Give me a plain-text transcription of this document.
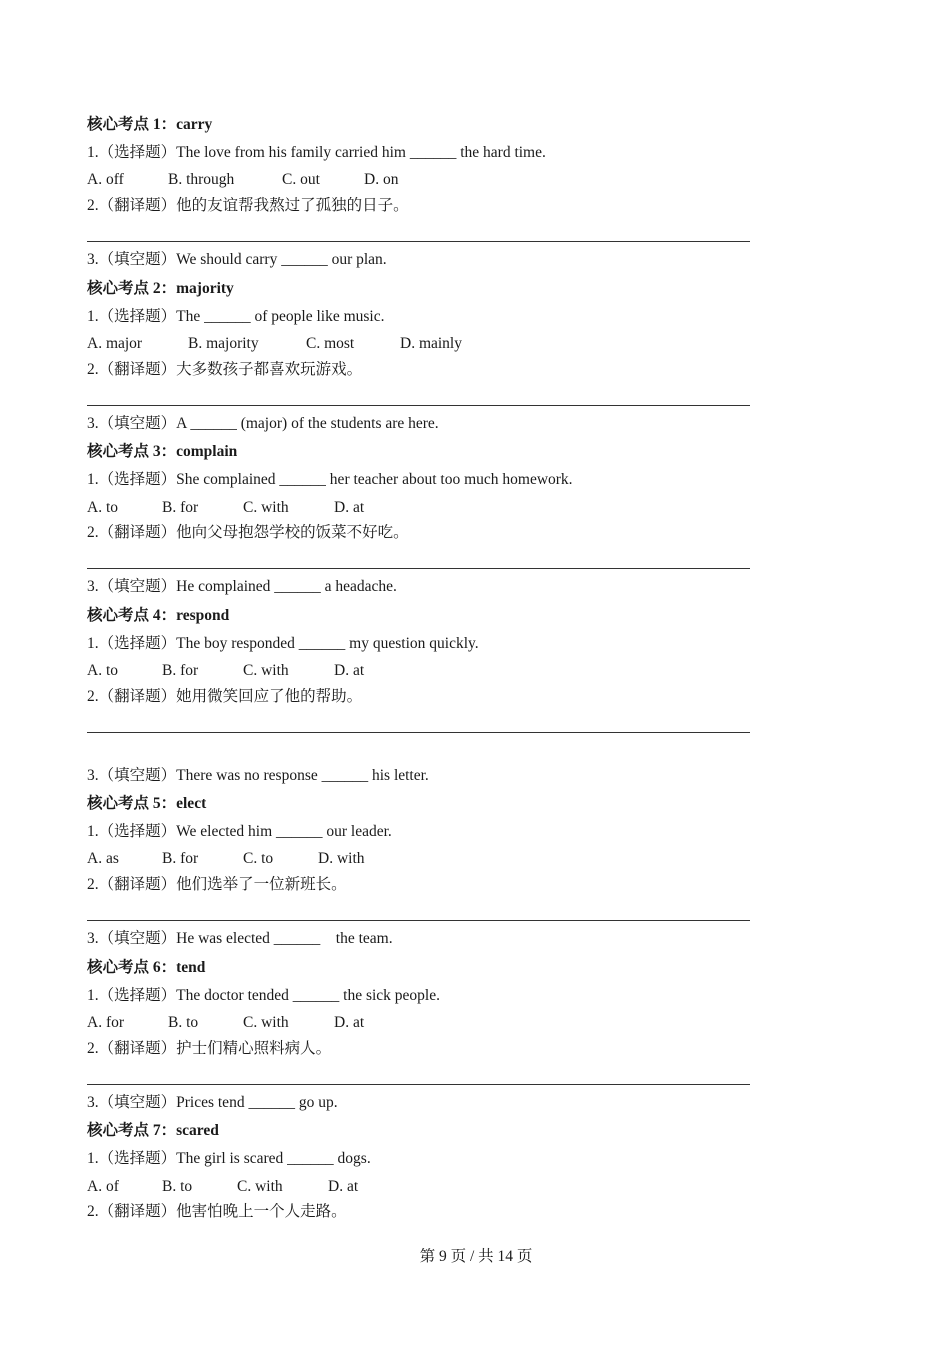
核心考点 1：carry
1.（选择题）The love from his family carried him ______ the hard time.
A. off	B. through	C. out	D. on
2.（翻译题）他的友谊帮我熬过了孤独的日子。
3.（填空题）We should carry ______ our plan.
核心考点 2：majority
1.（选择题）The ______ of people like music.
A. major	B. majority	C. most	D. mainly
2.（翻译题）大多数孩子都喜欢玩游戏。
3.（填空题）A ______ (major) of the students are here.
核心考点 3：complain
1.（选择题）She complained ______ her teacher about too much homework.
A. to	B. for	C. with	D. at
2.（翻译题）他向父母抱怨学校的饭菜不好吃。
3.（填空题）He complained ______ a headache.
核心考点 4：respond
1.（选择题）The boy responded ______ my question quickly.
A. to	B. for	C. with	D. at
2.（翻译题）她用微笑回应了他的帮助。
3.（填空题）There was no response ______ his letter.
核心考点 5：elect
1.（选择题）We elected him ______ our leader.
A. as	B. for	C. to	D. with
2.（翻译题）他们选举了一位新班长。
3.（填空题）He was elected ______    the team.
核心考点 6：tend
1.（选择题）The doctor tended ______ the sick people.
A. for	B. to	C. with	D. at
2.（翻译题）护士们精心照料病人。
3.（填空题）Prices tend ______ go up.
核心考点 7：scared
1.（选择题）The girl is scared ______ dogs.
A. of	B. to	C. with	D. at
2.（翻译题）他害怕晚上一个人走路。
第 9 页 / 共 14 页
